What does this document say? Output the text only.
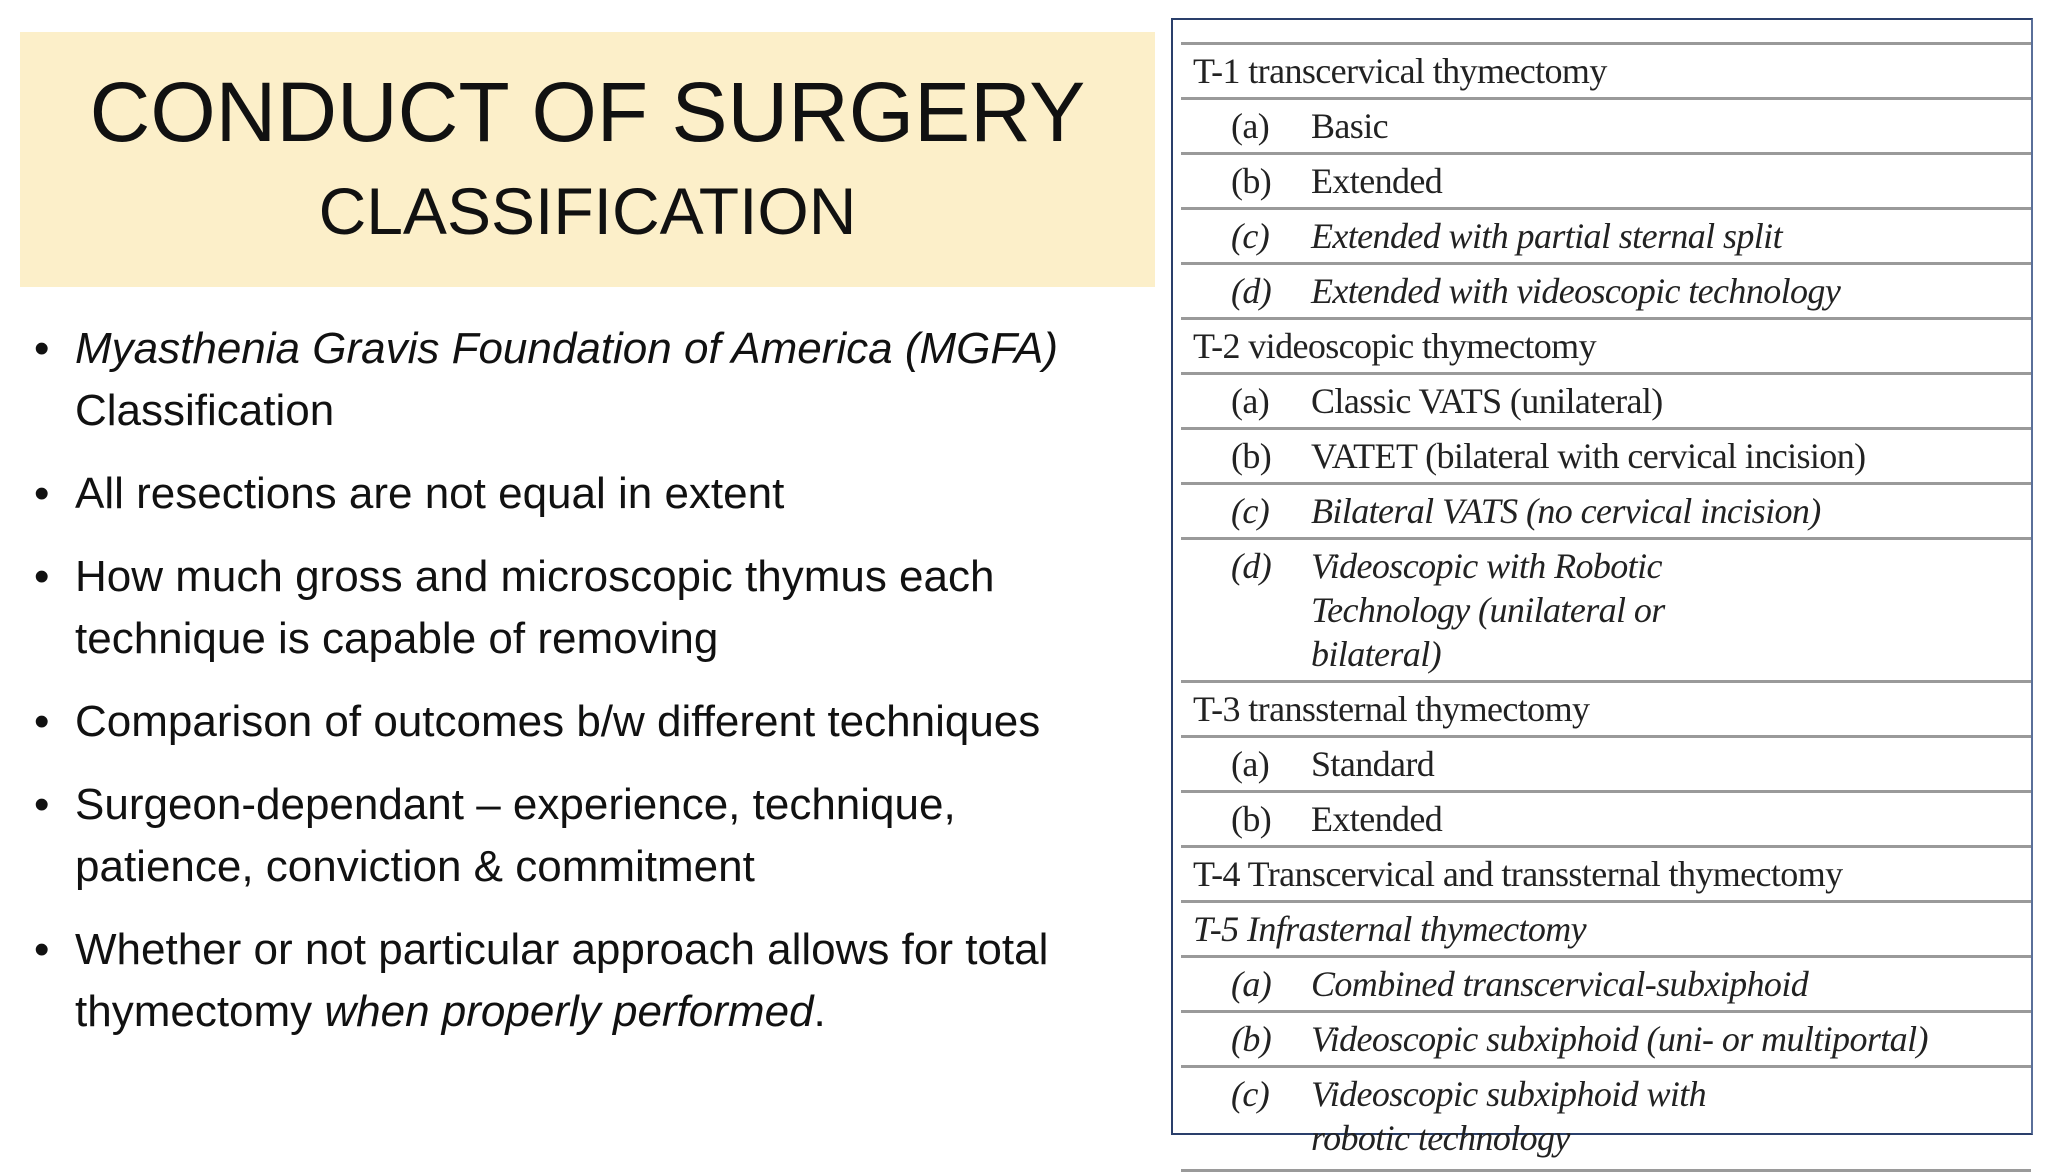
CONDUCT OF SURGERY
CLASSIFICATION
• Myasthenia Gravis Foundation of America (MGFA)
Classification
• All resections are not equal in extent
• How much gross and microscopic thymus each technique is capable of removing
• Comparison of outcomes b/w different techniques
• Surgeon-dependant – experience, technique, patience, conviction & commitment
• Whether or not particular approach allows for total thymectomy when properly performed.
T-1 transcervical thymectomy
(a)	Basic
(b)	Extended
(c)	Extended with partial sternal split
(d)	Extended with videoscopic technology
T-2 videoscopic thymectomy
(a)	Classic VATS (unilateral)
(b)	VATET (bilateral with cervical incision)
(c)	Bilateral VATS (no cervical incision)
(d)	Videoscopic with Robotic Technology (unilateral or bilateral)
T-3 transsternal thymectomy
(a)	Standard
(b)	Extended
T-4 Transcervical and transsternal thymectomy
T-5 Infrasternal thymectomy
(a)	Combined transcervical-subxiphoid
(b)	Videoscopic subxiphoid (uni- or multiportal)
(c)	Videoscopic subxiphoid with robotic technology
